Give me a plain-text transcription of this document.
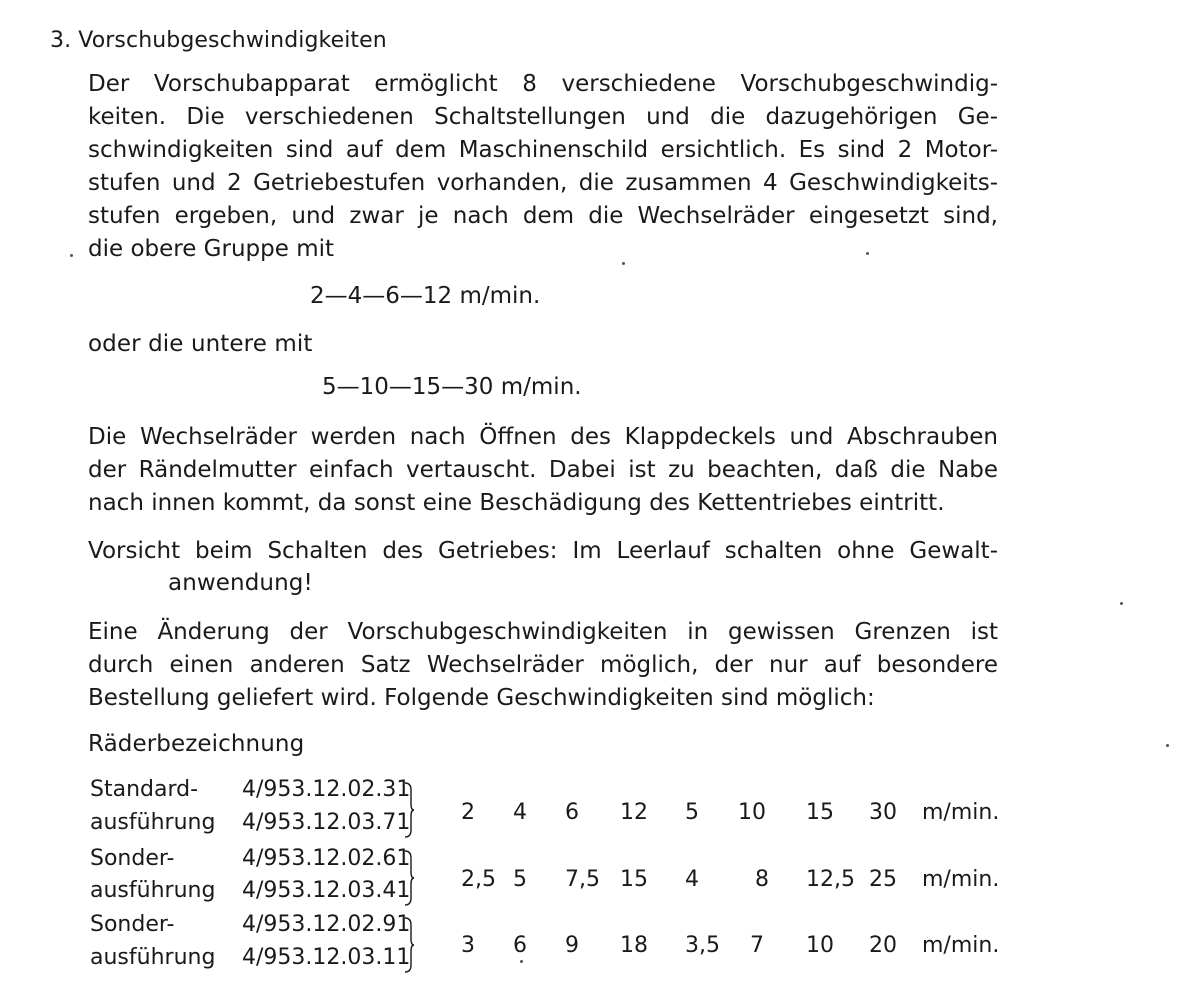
3. Vorschubgeschwindigkeiten
Der Vorschubapparat ermöglicht 8 verschiedene Vorschubgeschwindig-
keiten. Die verschiedenen Schaltstellungen und die dazugehörigen Ge-
schwindigkeiten sind auf dem Maschinenschild ersichtlich. Es sind 2 Motor-
stufen und 2 Getriebestufen vorhanden, die zusammen 4 Geschwindigkeits-
stufen ergeben, und zwar je nach dem die Wechselräder eingesetzt sind,
die obere Gruppe mit
2—4—6—12 m/min.
oder die untere mit
5—10—15—30 m/min.
Die Wechselräder werden nach Öffnen des Klappdeckels und Abschrauben
der Rändelmutter einfach vertauscht. Dabei ist zu beachten, daß die Nabe
nach innen kommt, da sonst eine Beschädigung des Kettentriebes eintritt.
Vorsicht beim Schalten des Getriebes: Im Leerlauf schalten ohne Gewalt-
anwendung!
Eine Änderung der Vorschubgeschwindigkeiten in gewissen Grenzen ist
durch einen anderen Satz Wechselräder möglich, der nur auf besondere
Bestellung geliefert wird. Folgende Geschwindigkeiten sind möglich:
Räderbezeichnung
Standard-
ausführung
4/953.12.02.31
4/953.12.03.71 2 4 6 12 5 10 15 30 m/min.
Sonder-
ausführung
4/953.12.02.61
4/953.12.03.41 2,5 5 7,5 15 4	8 12,5 25 m/min.
Sonder-
ausführung
4/953.12.02.91
4/953.12.03.11 3 6 9 18 3,5 7 10 20 m/min.
